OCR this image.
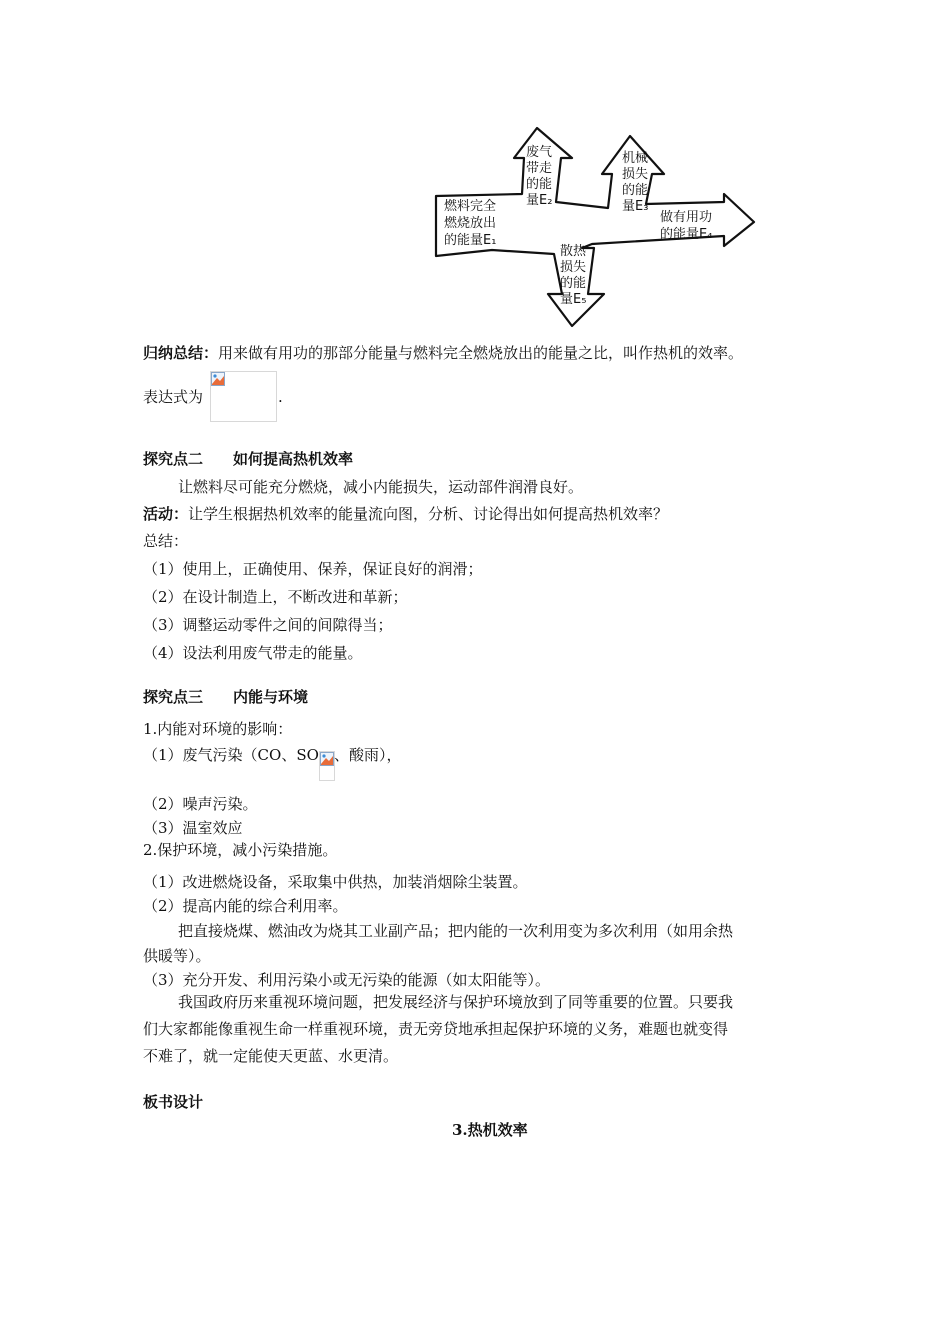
燃料完全
燃烧放出
的能量E₁
废气
带走
的能
量E₂
机械
损失
的能
量E₃
做有用功
的能量E₄
散热
损失
的能
量E₅
归纳总结：用来做有用功的那部分能量与燃料完全燃烧放出的能量之比，叫作热机的效率。
表达式为	.
探究点二　　如何提高热机效率
让燃料尽可能充分燃烧，减小内能损失，运动部件润滑良好。
活动：让学生根据热机效率的能量流向图，分析、讨论得出如何提高热机效率？
总结：
（1）使用上，正确使用、保养，保证良好的润滑；
（2）在设计制造上，不断改进和革新；
（3）调整运动零件之间的间隙得当；
（4）设法利用废气带走的能量。
探究点三　　内能与环境
1.内能对环境的影响：
（1）废气污染（CO、SO 、酸雨），
（2）噪声污染。
（3）温室效应
2.保护环境，减小污染措施。
（1）改进燃烧设备，采取集中供热，加装消烟除尘装置。
（2）提高内能的综合利用率。
把直接烧煤、燃油改为烧其工业副产品；把内能的一次利用变为多次利用（如用余热
供暖等）。
（3）充分开发、利用污染小或无污染的能源（如太阳能等）。
我国政府历来重视环境问题，把发展经济与保护环境放到了同等重要的位置。只要我
们大家都能像重视生命一样重视环境，责无旁贷地承担起保护环境的义务，难题也就变得
不难了，就一定能使天更蓝、水更清。
板书设计
3.热机效率
